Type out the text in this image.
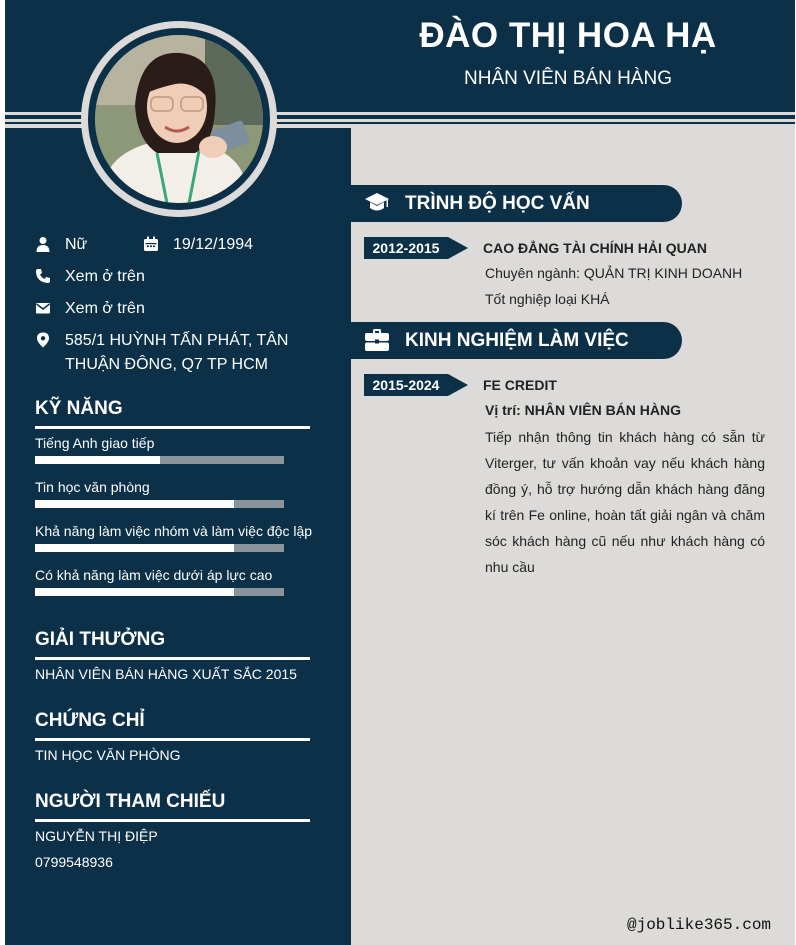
ĐÀO THỊ HOA HẠ
NHÂN VIÊN BÁN HÀNG
Nữ	19/12/1994
Xem ở trên
Xem ở trên
585/1 HUỲNH TẤN PHÁT, TÂN
THUẬN ĐÔNG, Q7 TP HCM
KỸ NĂNG
Tiếng Anh giao tiếp
Tin học văn phòng
Khả năng làm việc nhóm và làm việc độc lập
Có khả năng làm việc dưới áp lực cao
GIẢI THƯỞNG
NHÂN VIÊN BÁN HÀNG XUẤT SẮC 2015
CHỨNG CHỈ
TIN HỌC VĂN PHÒNG
NGƯỜI THAM CHIẾU
NGUYỄN THỊ ĐIỆP
0799548936
TRÌNH ĐỘ HỌC VẤN
2012-2015	CAO ĐẲNG TÀI CHÍNH HẢI QUAN
Chuyên ngành: QUẢN TRỊ KINH DOANH
Tốt nghiệp loại KHÁ
KINH NGHIỆM LÀM VIỆC
2015-2024	FE CREDIT
Vị trí: NHÂN VIÊN BÁN HÀNG
Tiếp nhận thông tin khách hàng có sẵn từ Viterger, tư vấn khoản vay nếu khách hàng đồng ý, hỗ trợ hướng dẫn khách hàng đăng kí trên Fe online, hoàn tất giải ngân và chăm sóc khách hàng cũ nếu như khách hàng có nhu cầu
@joblike365.com
